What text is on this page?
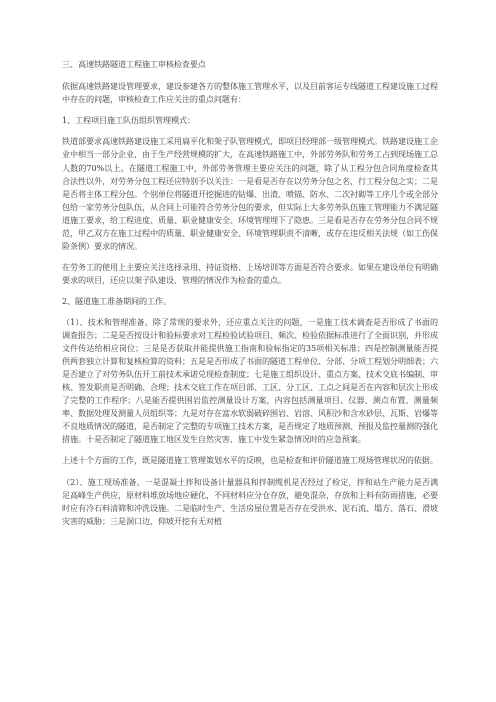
三、高速铁路隧道工程施工审核检查要点

依据高速铁路建设管理要求，建设参建各方的整体施工管理水平，以及目前客运专线隧道工程建设施工过程中存在的问题，审核检查工作应关注的重点问题有：

1、工程项目施工队伍组织管理模式：

铁道部要求高速铁路建设施工采用扁平化和架子队管理模式，即项目经理部一级管理模式。铁路建设施工企业中相当一部分企业，由于生产经营规模的扩大，在高速铁路施工中，外部劳务队和劳务工占到现场施工总人数的70%以上。在隧道工程施工中，外部劳务管理主要应关注的问题，除了从工程分包合同角度检查其合法性以外，对劳务分包工程还应特别予以关注：一是看是否存在以劳务分包之名，行工程分包之实；二是是否将主体工程分包。个别单位将隧道开挖掘进的钻爆、出渣、喷锚、防水、二次衬砌等工序几个或全部分包给一家劳务分包队伍，从合同上可能符合劳务分包的要求，但实际上大多劳务队伍施工管理能力不满足隧道施工要求，给工程进度、质量、职业健康安全、环境管理埋下了隐患。三是看是否存在劳务分包合同不规范，甲乙双方在施工过程中的质量、职业健康安全、环境管理职责不清晰，或存在违反相关法规（如工伤保险条例）要求的情况。

在劳务工的使用上主要应关注选择录用、持证资格、上场培训等方面是否符合要求。如果在建设单位有明确要求的项目，还应以架子队建设、管理的情况作为检查的重点。

2、隧道施工准备期间的工作。

（1）、技术和管理准备。除了常规的要求外，还应重点关注的问题，一是施工技术调查是否形成了书面的调查报告；二是是否按设计和验标要求对工程检验试验项目、频次、检验依据标准进行了全面识别，并形成文件传达给相应岗位；三是是否获取并能提供施工指南和验标指定的35项相关标准；四是控制测量能否提供两套独立计算和复核检算的资料；五是是否形成了书面的隧道工程单位、分部、分项工程划分明细表；六是否建立了对劳务队伍开工前技术承诺兑现检查制度；七是施工组织设计、重点方案、技术交底书编制、审核、签发职责是否明确、合理；技术交底工作在项目部、工区、分工区、工点之间是否在内容和层次上形成了完整的工作程序；八是能否提供围岩监控测量设计方案，内容包括测量项目、仪器、测点布置、测量频率、数据处理及测量人员组织等；九是对存在富水软弱破碎围岩、岩溶、风积沙和含水砂层、瓦斯、岩爆等不良地质情况的隧道，是否制定了完整的专项施工技术方案，是否规定了地质预测、预报及监控量测的强化措施。十是否制定了隧道施工地区发生自然灾害、施工中发生紧急情况时的应急预案。

上述十个方面的工作，既是隧道施工管理策划水平的反映，也是检查和评价隧道施工现场管理状况的依据。

（2）、施工现场准备。一是混凝土拌和设备计量器具和拌制缆机是否经过了检定，拌和站生产能力是否满足高峰生产供应，原材料堆放场地应硬化，不同材料应分仓存放，避免混杂，存放和上料有防雨措施，必要时应有冷石料清筛和冲洗设施。二是临时生产、生活房屋位置是否存在受洪水、泥石流、塌方、落石、滑坡灾害的威胁；三是洞口边、仰坡开挖有无对植
